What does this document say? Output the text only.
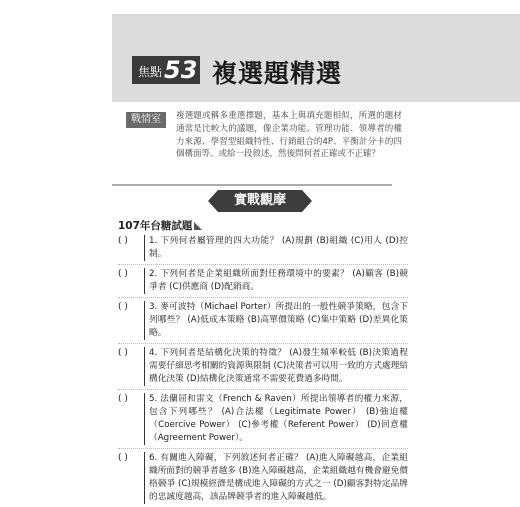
焦點 53 複選題精選
戰情室	複選題或稱多重選擇題，基本上與填充題相似，所選的題材通常是比較大的議題，像企業功能、管理功能、領導者的權力來源、學習型組織特性、行銷組合的4P、平衡計分卡的四個構面等。或給一段敘述，然後問何者正確或不正確？

實戰觀摩
107年台糖試題
( )	1. 下列何者屬管理的四大功能？ (A)規劃 (B)組織 (C)用人 (D)控制。

( )	2. 下列何者是企業組織所面對任務環境中的要素？ (A)顧客 (B)競爭者 (C)供應商 (D)配銷商。

( )	3. 麥可波特（Michael Porter）所提出的一般性競爭策略，包含下列哪些？ (A)低成本策略 (B)高單價策略 (C)集中策略 (D)差異化策略。

( )	4. 下列何者是結構化決策的特徵？ (A)發生頻率較低 (B)決策過程需要仔細思考相關的資源與限制 (C)決策者可以用一致的方式處理結構化決策 (D)結構化決策通常不需要花費過多時間。

( )	5. 法蘭屈和雷文（French & Raven）所提出領導者的權力來源，包含下列哪些？ (A)合法權（Legitimate Power） (B)強迫權（Coercive Power） (C)參考權（Referent Power） (D)回意權（Agreement Power）。

( )	6. 有關進入障礙，下列敘述何者正確？ (A)進入障礙越高，企業組織所面對的競爭者越多 (B)進入障礙越高，企業組織越有機會避免價格競爭 (C)規模經濟是構成進入障礙的方式之一 (D)顧客對特定品牌的忠誠度越高，該品牌競爭者的進入障礙越低。
